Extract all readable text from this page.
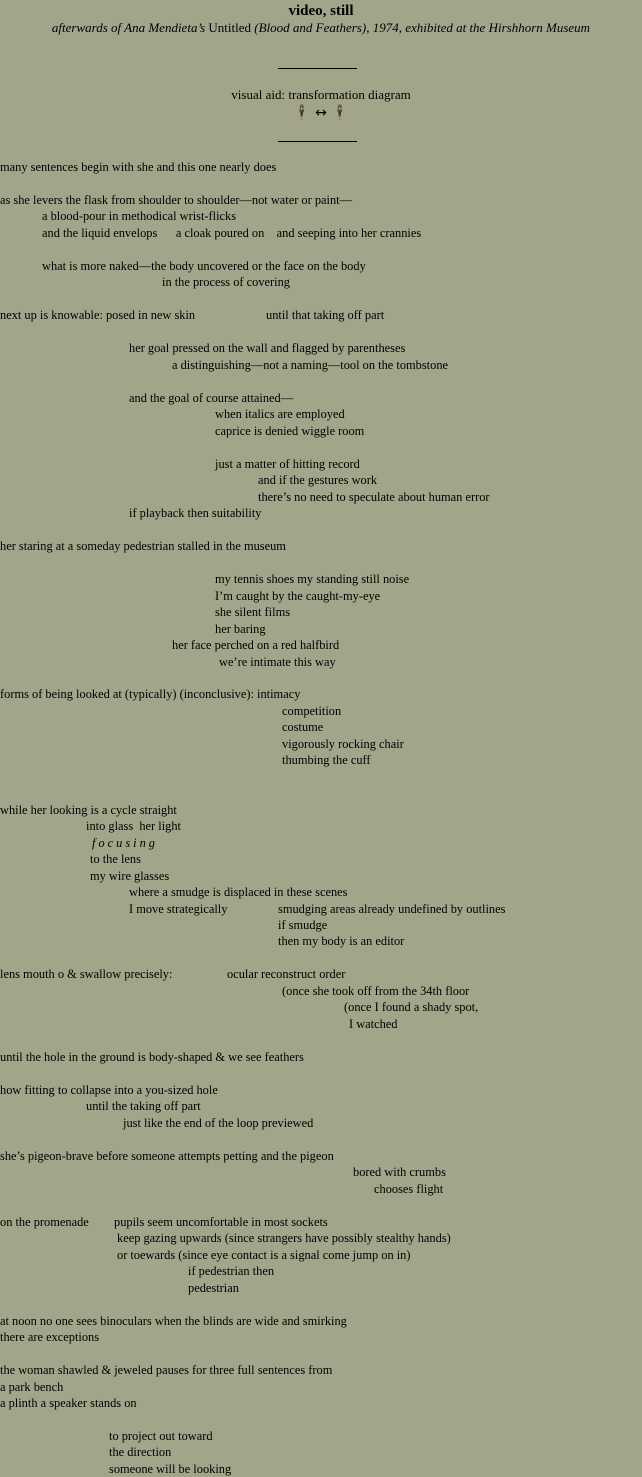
video, still
afterwards of Ana Mendieta’s Untitled (Blood and Feathers), 1974, exhibited at the Hirshhorn Museum
visual aid: transformation diagram
🕴 ↔ 🕴
many sentences begin with she and this one nearly does
as she levers the flask from shoulder to shoulder—not water or paint—
a blood-pour in methodical wrist-flicks
and the liquid envelops      a cloak poured on    and seeping into her crannies
what is more naked—the body uncovered or the face on the body
in the process of covering
next up is knowable: posed in new skin	until that taking off part
her goal pressed on the wall and flagged by parentheses
a distinguishing—not a naming—tool on the tombstone
and the goal of course attained—
when italics are employed
caprice is denied wiggle room
just a matter of hitting record
and if the gestures work
there’s no need to speculate about human error
if playback then suitability
her staring at a someday pedestrian stalled in the museum
my tennis shoes my standing still noise
I’m caught by the caught-my-eye
she silent films
her baring
her face perched on a red halfbird
we’re intimate this way
forms of being looked at (typically) (inconclusive): intimacy
competition
costume
vigorously rocking chair
thumbing the cuff
while her looking is a cycle straight
into glass  her light
focusing
to the lens
my wire glasses
where a smudge is displaced in these scenes
I move strategically	smudging areas already undefined by outlines
if smudge
then my body is an editor
lens mouth o & swallow precisely:	ocular reconstruct order
(once she took off from the 34th floor
(once I found a shady spot,
I watched
until the hole in the ground is body-shaped & we see feathers
how fitting to collapse into a you-sized hole
until the taking off part
just like the end of the loop previewed
she’s pigeon-brave before someone attempts petting and the pigeon
bored with crumbs
chooses flight
on the promenade pupils seem uncomfortable in most sockets
keep gazing upwards (since strangers have possibly stealthy hands)
or toewards (since eye contact is a signal come jump on in)
if pedestrian then
pedestrian
at noon no one sees binoculars when the blinds are wide and smirking
there are exceptions
the woman shawled & jeweled pauses for three full sentences from
a park bench
a plinth a speaker stands on
to project out toward
the direction
someone will be looking
